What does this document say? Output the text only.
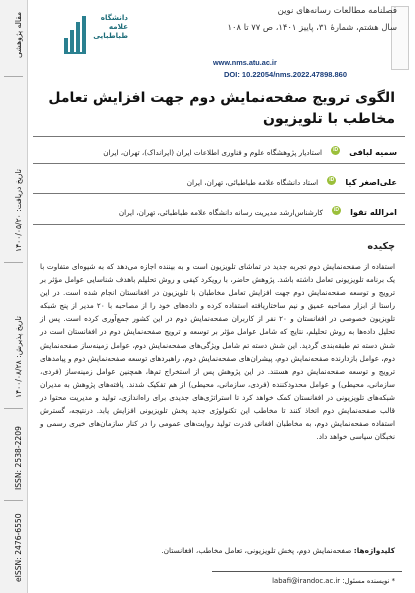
مقاله پژوهشی
تاریخ دریافت: ۱۴۰۰/۰۵/۲۰
تاریخ پذیرش: ۱۴۰۰/۰۸/۲۸
ISSN: 2538-2209
eISSN: 2476-6550
دانشگاه علامه طباطبایی
فصلنامه مطالعات رسانه‌های نوین
سال هشتم، شمارۀ ۳۱، پاییز ۱۴۰۱، ص ۷۷ تا ۱۰۸
www.nms.atu.ac.ir
DOI: 10.22054/nms.2022.47898.860
الگوی ترویج صفحه‌نمایش دوم جهت افزایش تعامل مخاطب با تلویزیون
سمیه لبافی iD استادیار پژوهشگاه علوم و فناوری اطلاعات ایران (ایرانداک)، تهران، ایران
علی‌اصغر کیا iD استاد دانشگاه علامه طباطبائی، تهران، ایران
امرالله تقوا iD کارشناس‌ارشد مدیریت رسانه دانشگاه علامه طباطبائی، تهران، ایران
چکیده
استفاده از صفحه‌نمایش دوم تجربه جدید در تماشای تلویزیون است و به بیننده اجازه می‌دهد که به شیوه‌ای متفاوت با یک برنامه تلویزیونی تعامل داشته باشد. پژوهش حاضر، با رویکرد کیفی و روش تحلیلم باهدف شناسایی عوامل مؤثر بر ترویج و توسعه صفحه‌نمایش دوم جهت افزایش تعامل مخاطبان با تلویزیون در افغانستان انجام شده است. در این راستا از ابزار مصاحبه عمیق و نیم ساختاریافته استفاده کرده و داده‌های خود را از مصاحبه با ۲۰ مدیر از پنج شبکه تلویزیون خصوصی در افغانستان و ۲۰ نفر از کاربران صفحه‌نمایش دوم در این کشور جمع‌آوری کرده است. پس از تحلیل داده‌ها به روش تحلیلم، نتایج که شامل عوامل مؤثر بر توسعه و ترویج صفحه‌نمایش دوم در افغانستان است در شش دسته تم طبقه‌بندی گردید. این شش دسته تم شامل ویژگی‌های صفحه‌نمایش دوم، عوامل زمینه‌ساز صفحه‌نمایش دوم، عوامل بازدارنده صفحه‌نمایش دوم، پیشران‌های صفحه‌نمایش دوم، راهبردهای توسعه صفحه‌نمایش دوم و پیامدهای ترویج و توسعه صفحه‌نمایش دوم هستند. در این پژوهش پس از استخراج تم‌ها، همچنین عوامل زمینه‌ساز (فردی، سازمانی، محیطی) و عوامل محدودکننده (فردی، سازمانی، محیطی) از هم تفکیک شدند. یافته‌های پژوهش به مدیران شبکه‌های تلویزیونی در افغانستان کمک خواهد کرد تا استراتژی‌های جدیدی برای راه‌اندازی، تولید و مدیریت محتوا در قالب صفحه‌نمایش دوم اتخاذ کنند تا مخاطب این تکنولوژی جدید پخش تلویزیونی افزایش یابد. درنتیجه، گسترش استفاده صفحه‌نمایش دوم، به مخاطبان افغانی قدرت تولید روایت‌های عمومی را در کنار سازمان‌های خبری رسمی و نخبگان سیاسی خواهد داد.
کلیدواژه‌ها: صفحه‌نمایش دوم، پخش تلویزیونی، تعامل مخاطب، افغانستان.
labafi@irandoc.ac.ir نویسنده مسئول: *
